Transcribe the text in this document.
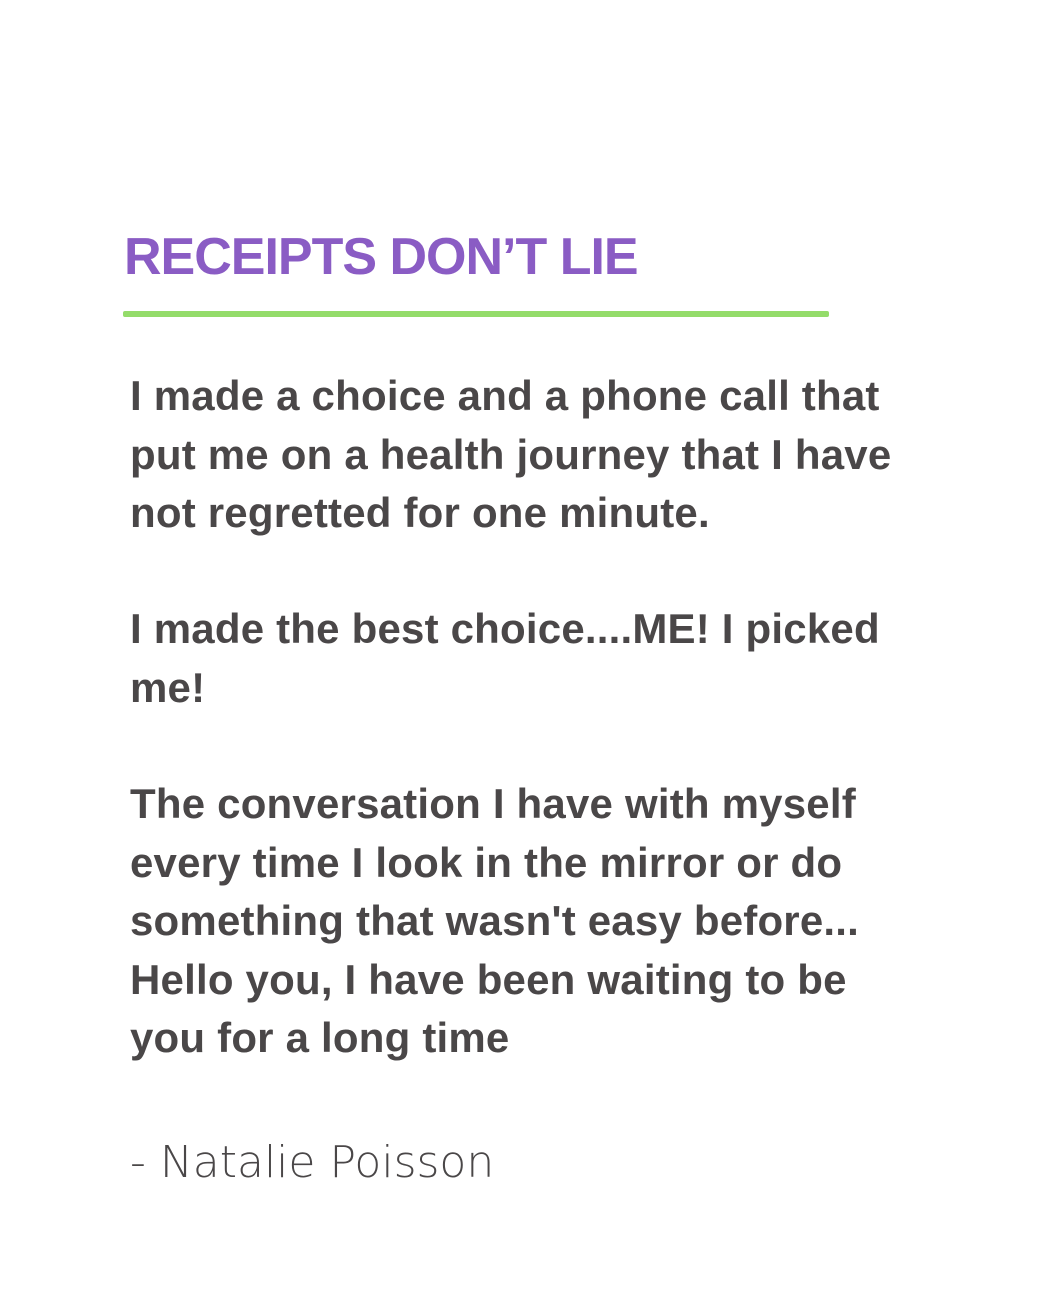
RECEIPTS DON’T LIE

I made a choice and a phone call that put me on a health journey that I have not regretted for one minute.

I made the best choice....ME! I picked me!

The conversation I have with myself every time I look in the mirror or do something that wasn't easy before... Hello you, I have been waiting to be you for a long time

- Natalie Poisson
